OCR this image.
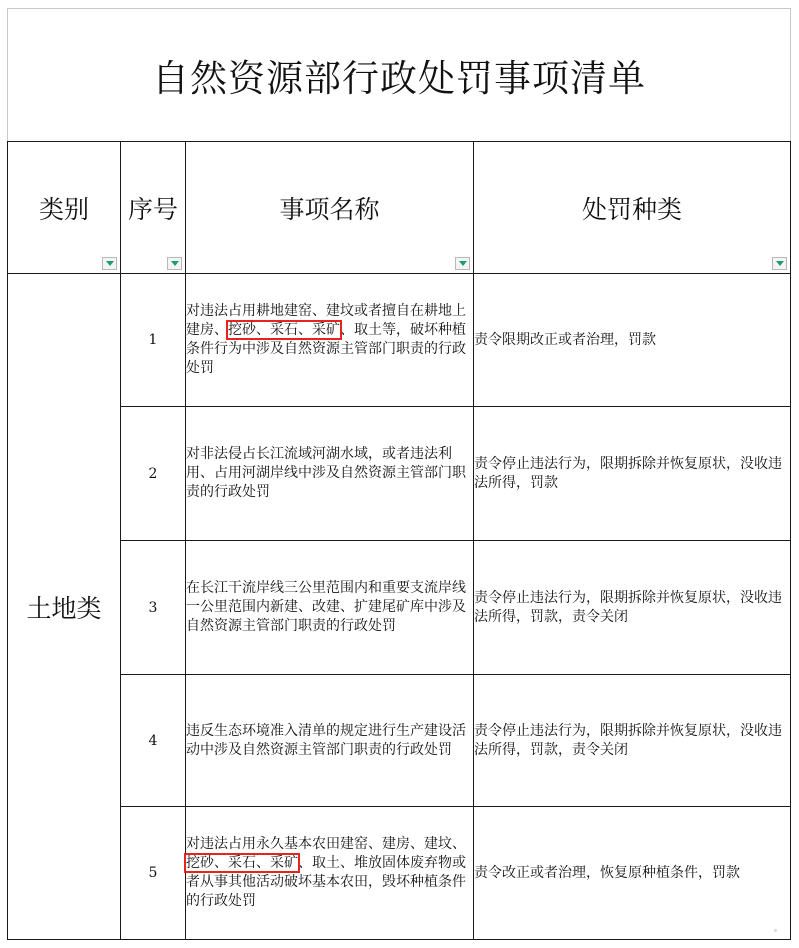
自然资源部行政处罚事项清单
类别	序号	事项名称	处罚种类

土地类	1	对违法占用耕地建窑、建坟或者擅自在耕地上建房、挖砂、采石、采矿、取土等，破坏种植条件行为中涉及自然资源主管部门职责的行政处罚	责令限期改正或者治理，罚款
	2	对非法侵占长江流域河湖水域，或者违法利用、占用河湖岸线中涉及自然资源主管部门职责的行政处罚	责令停止违法行为，限期拆除并恢复原状，没收违法所得，罚款
	3	在长江干流岸线三公里范围内和重要支流岸线一公里范围内新建、改建、扩建尾矿库中涉及自然资源主管部门职责的行政处罚	责令停止违法行为，限期拆除并恢复原状，没收违法所得，罚款，责令关闭
	4	违反生态环境准入清单的规定进行生产建设活动中涉及自然资源主管部门职责的行政处罚	责令停止违法行为，限期拆除并恢复原状，没收违法所得，罚款，责令关闭
	5	对违法占用永久基本农田建窑、建房、建坟、挖砂、采石、采矿、取土、堆放固体废弃物或者从事其他活动破坏基本农田，毁坏种植条件的行政处罚	责令改正或者治理，恢复原种植条件，罚款
